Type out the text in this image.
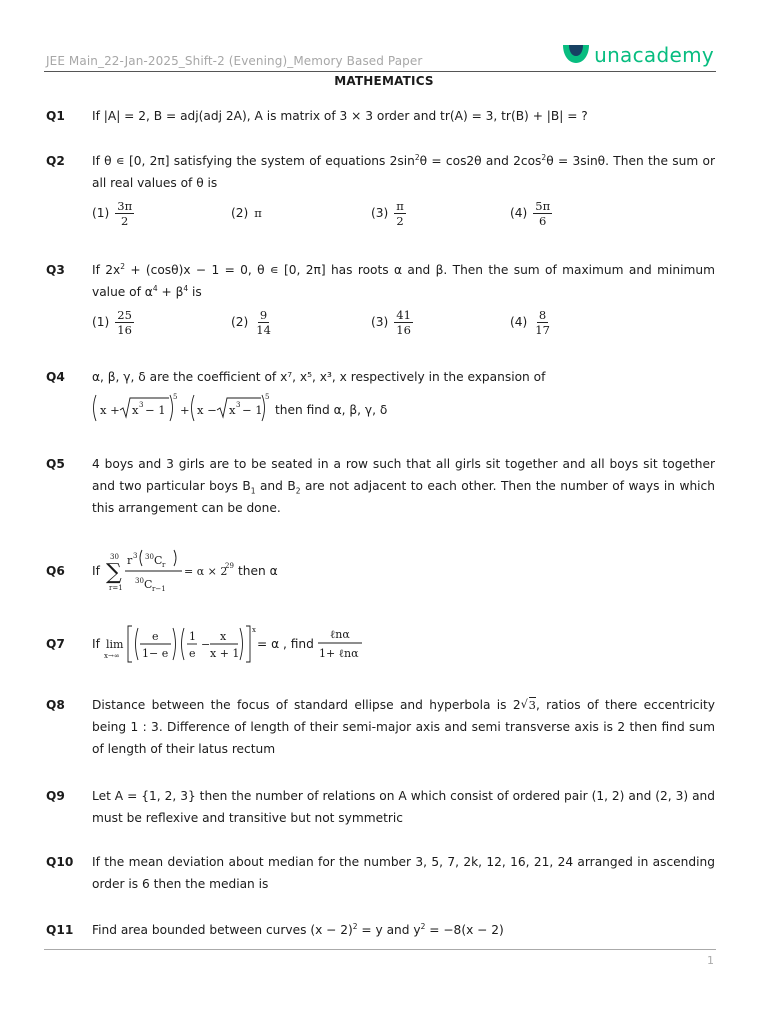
JEE Main_22-Jan-2025_Shift-2 (Evening)_Memory Based Paper	unacademy
MATHEMATICS
Q1 If |A| = 2, B = adj(adj 2A), A is matrix of 3 × 3 order and tr(A) = 3, tr(B) + |B| = ?
Q2 If θ ∊ [0, 2π] satisfying the system of equations $2\sin^2\theta = \cos 2\theta$ and $2\cos^2\theta = 3\sin\theta$. Then the sum or all real values of θ is
$(1) \frac{3\pi}{2}$	(2) π	$(3) \frac{\pi}{2}$	$(4) \frac{5\pi}{6}$
Q3 If $2x^2 + (\cos\theta)x - 1 = 0$, θ ∊ [0, 2π] has roots α and β. Then the sum of maximum and minimum value of $\alpha^4 + \beta^4$ is
$(1) \frac{25}{16}$	$(2) \frac{9}{14}$	$(3) \frac{41}{16}$	$(4) \frac{8}{17}$
Q4 α, β, γ, δ are the coefficient of x⁷, x⁵, x³, x respectively in the expansion of
x + x 3 − 1
5
+ x − x 3 − 1
5
then find α, β, γ, δ
Q5 4 boys and 3 girls are to be seated in a row such that all girls sit together and all boys sit together and two particular boys $B_1$ and $B_2$ are not adjacent to each other. Then the number of ways in which this arrangement can be done.
Q6 If
30
∑
r=1
r 3 30 C r
30 C r−1
= α × 2
29 then α
Q7 If lim
x→∞
e
1− e
1
e
−
x
x + 1
x
= α , find
ℓnα
1+ ℓnα
Q8 Distance between the focus of standard ellipse and hyperbola is 2 √ 3, ratios of there eccentricity being 1 : 3. Difference of length of their semi-major axis and semi transverse axis is 2 then find sum of length of their latus rectum
Q9 Let A = {1, 2, 3} then the number of relations on A which consist of ordered pair (1, 2) and (2, 3) and must be reflexive and transitive but not symmetric
Q10 If the mean deviation about median for the number 3, 5, 7, 2k, 12, 16, 21, 24 arranged in ascending order is 6 then the median is
Q11 Find area bounded between curves $(x - 2)^2 = y$ and $y^2 = -8(x - 2)$
1
